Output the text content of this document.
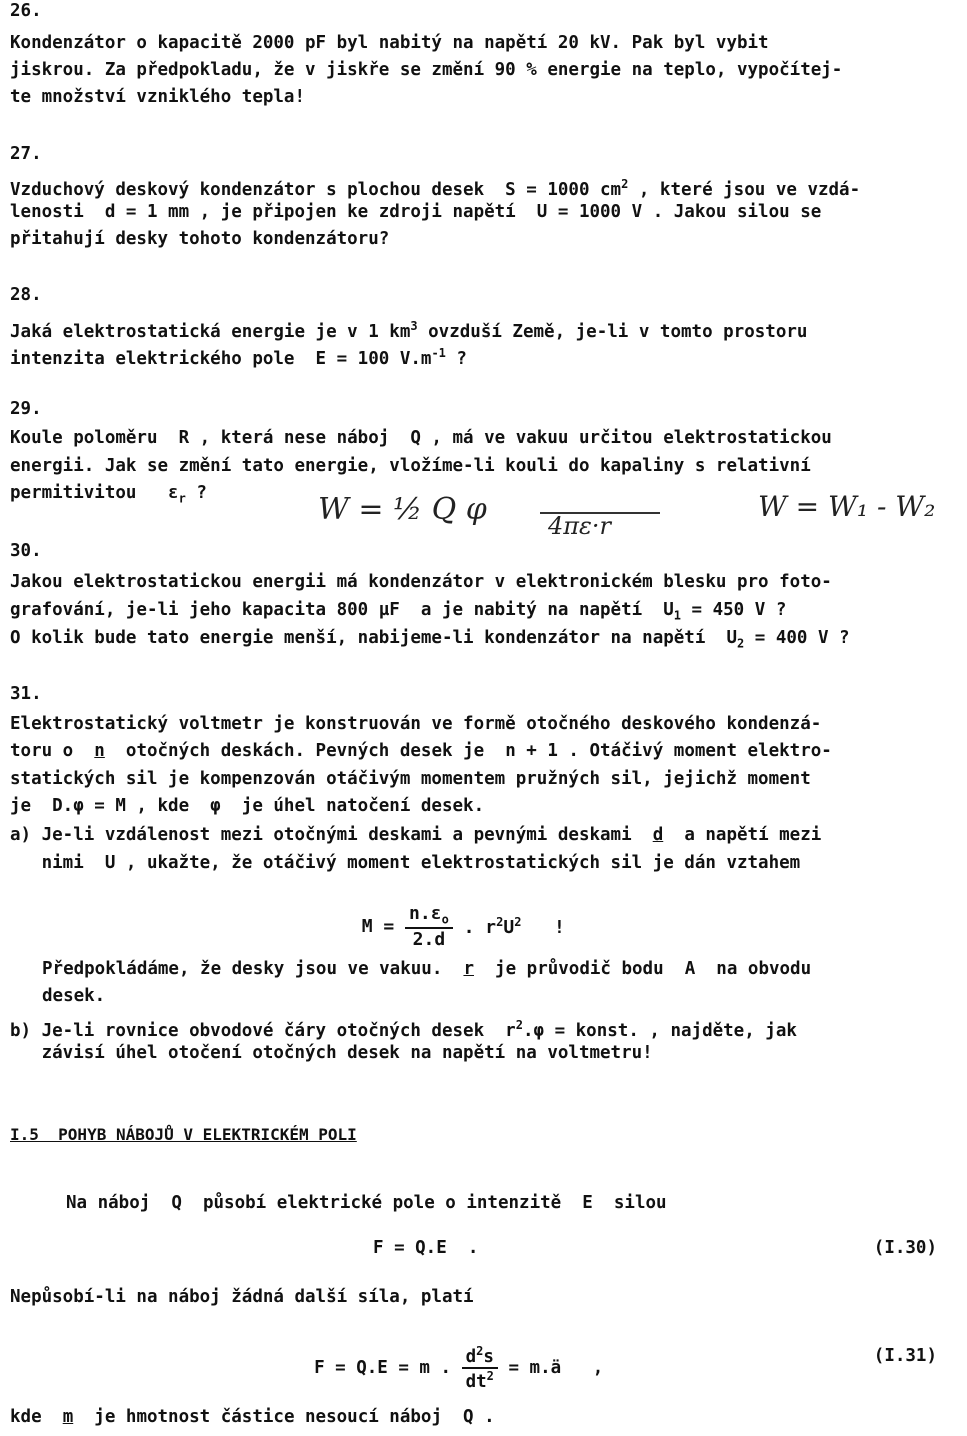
26.
Kondenzátor o kapacitě 2000 pF byl nabitý na napětí 20 kV. Pak byl vybit
jiskrou. Za předpokladu, že v jiskře se změní 90 % energie na teplo, vypočítej-
te množství vzniklého tepla!
27.
Vzduchový deskový kondenzátor s plochou desek  S = 1000 $cm^2$ , které jsou ve vzdá-
lenosti  d = 1 mm , je připojen ke zdroji napětí  U = 1000 V . Jakou silou se
přitahují desky tohoto kondenzátoru?
28.
Jaká elektrostatická energie je v 1 $km^3$ ovzduší Země, je-li v tomto prostoru
intenzita elektrického pole  E = 100 $V.m^{-1}$ ?
29.
Koule poloměru  R , která nese náboj  Q , má ve vakuu určitou elektrostatickou
energii. Jak se změní tato energie, vložíme-li kouli do kapaliny s relativní
permitivitou   $\varepsilon_r$ ?	W = ½ Q φ	4πε·r
W = W₁ - W₂
30.
Jakou elektrostatickou energii má kondenzátor v elektronickém blesku pro foto-
grafování, je-li jeho kapacita 800 µF  a je nabitý na napětí  $U_1 = 450$ V ?
O kolik bude tato energie menší, nabijeme-li kondenzátor na napětí  $U_2 = 400$ V ?
31.
Elektrostatický voltmetr je konstruován ve formě otočného deskového kondenzá-
toru o  n  otočných deskách. Pevných desek je  n + 1 . Otáčivý moment elektro-
statických sil je kompenzován otáčivým momentem pružných sil, jejichž moment
je  D.φ = M , kde  φ  je úhel natočení desek.
a) Je-li vzdálenost mezi otočnými deskami a pevnými deskami  d  a napětí mezi
nimi  U , ukažte, že otáčivý moment elektrostatických sil je dán vztahem

$M = \frac{n.\varepsilon_o}{2.d}$ . $r^2U^2$   !

Předpokládáme, že desky jsou ve vakuu.  r  je průvodič bodu  A  na obvodu
desek.
b) Je-li rovnice obvodové čáry otočných desek  $r^2.\varphi$ = konst. , najděte, jak
závisí úhel otočení otočných desek na napětí na voltmetru!
I.5  POHYB NÁBOJŮ V ELEKTRICKÉM POLI
Na náboj  Q  působí elektrické pole o intenzitě  E  silou
F = Q.E  .	(I.30)
Nepůsobí-li na náboj žádná další síla, platí

F = Q.E = m . $\frac{d^2s}{dt^2}$ = m.ä   ,

(I.31)
kde  m  je hmotnost částice nesoucí náboj  Q .
